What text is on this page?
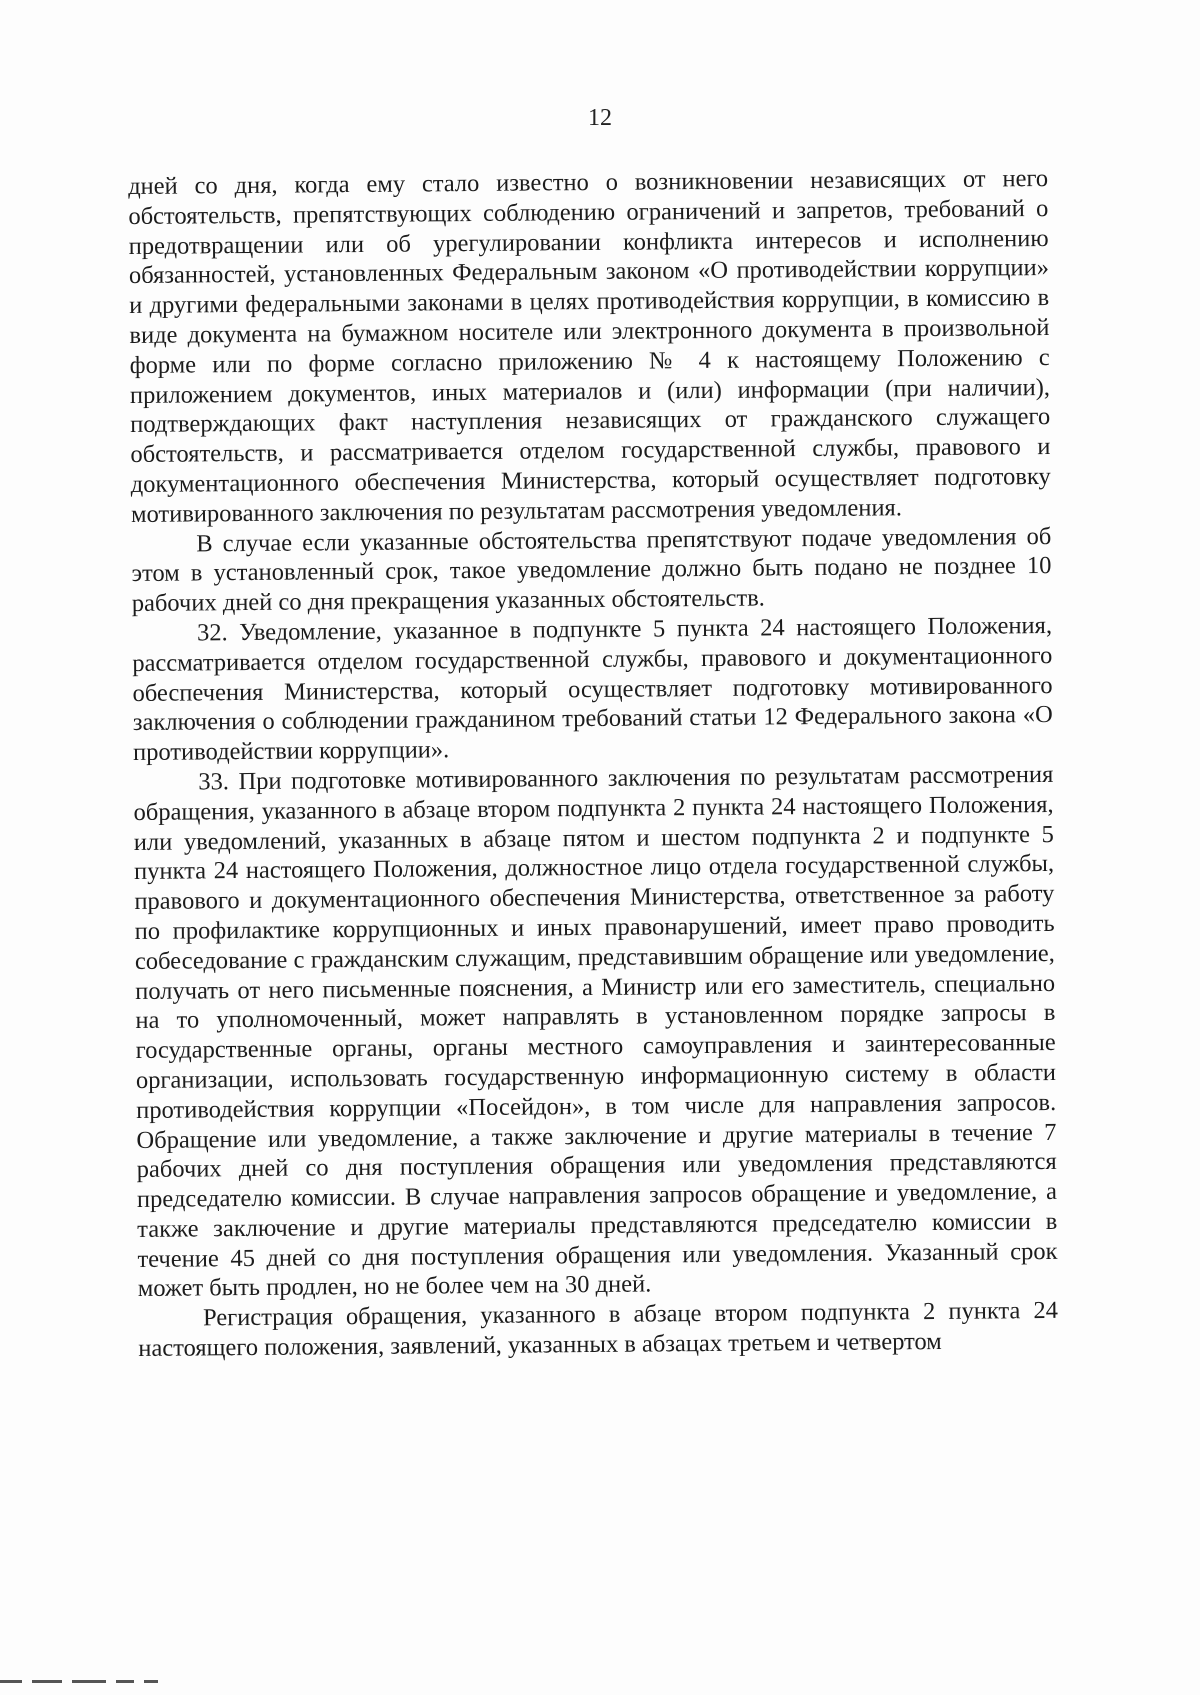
12

дней со дня, когда ему стало известно о возникновении независящих от него обстоятельств, препятствующих соблюдению ограничений и запретов, требований о предотвращении или об урегулировании конфликта интересов и исполнению обязанностей, установленных Федеральным законом «О противодействии коррупции» и другими федеральными законами в целях противодействия коррупции, в комиссию в виде документа на бумажном носителе или электронного документа в произвольной форме или по форме согласно приложению № 4 к настоящему Положению с приложением документов, иных материалов и (или) информации (при наличии), подтверждающих факт наступления независящих от гражданского служащего обстоятельств, и рассматривается отделом государственной службы, правового и документационного обеспечения Министерства, который осуществляет подготовку мотивированного заключения по результатам рассмотрения уведомления.

В случае если указанные обстоятельства препятствуют подаче уведомления об этом в установленный срок, такое уведомление должно быть подано не позднее 10 рабочих дней со дня прекращения указанных обстоятельств.

32. Уведомление, указанное в подпункте 5 пункта 24 настоящего Положения, рассматривается отделом государственной службы, правового и документационного обеспечения Министерства, который осуществляет подготовку мотивированного заключения о соблюдении гражданином требований статьи 12 Федерального закона «О противодействии коррупции».

33. При подготовке мотивированного заключения по результатам рассмотрения обращения, указанного в абзаце втором подпункта 2 пункта 24 настоящего Положения, или уведомлений, указанных в абзаце пятом и шестом подпункта 2 и подпункте 5 пункта 24 настоящего Положения, должностное лицо отдела государственной службы, правового и документационного обеспечения Министерства, ответственное за работу по профилактике коррупционных и иных правонарушений, имеет право проводить собеседование с гражданским служащим, представившим обращение или уведомление, получать от него письменные пояснения, а Министр или его заместитель, специально на то уполномоченный, может направлять в установленном порядке запросы в государственные органы, органы местного самоуправления и заинтересованные организации, использовать государственную информационную систему в области противодействия коррупции «Посейдон», в том числе для направления запросов. Обращение или уведомление, а также заключение и другие материалы в течение 7 рабочих дней со дня поступления обращения или уведомления представляются председателю комиссии. В случае направления запросов обращение и уведомление, а также заключение и другие материалы представляются председателю комиссии в течение 45 дней со дня поступления обращения или уведомления. Указанный срок может быть продлен, но не более чем на 30 дней.

Регистрация обращения, указанного в абзаце втором подпункта 2 пункта 24 настоящего положения, заявлений, указанных в абзацах третьем и четвертом
